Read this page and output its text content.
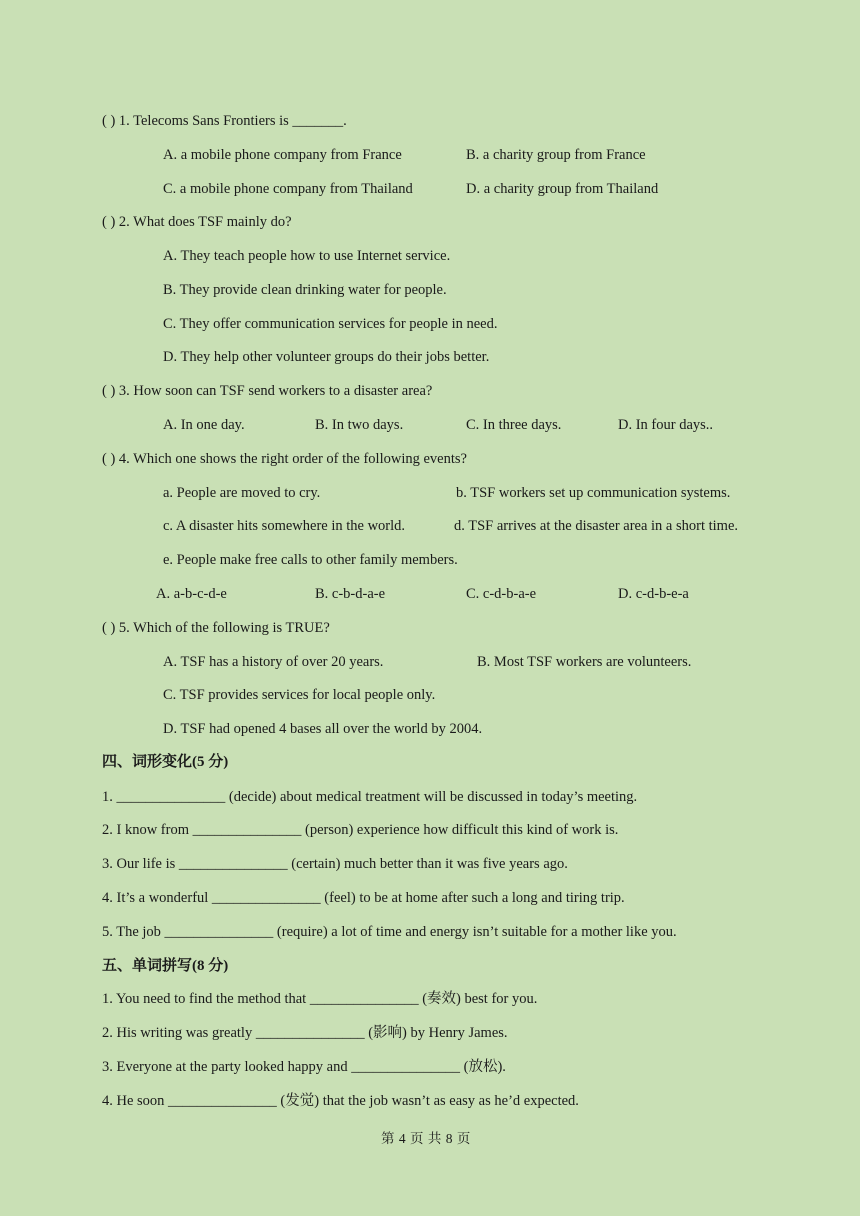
( ) 1. Telecoms Sans Frontiers is _______.
A. a mobile phone company from France	B. a charity group from France
C. a mobile phone company from Thailand	D. a charity group from Thailand
( ) 2. What does TSF mainly do?
A. They teach people how to use Internet service.
B. They provide clean drinking water for people.
C. They offer communication services for people in need.
D. They help other volunteer groups do their jobs better.
( ) 3. How soon can TSF send workers to a disaster area?
A. In one day.	B. In two days.	C. In three days.	D. In four days..
( ) 4. Which one shows the right order of the following events?
a. People are moved to cry.	b. TSF workers set up communication systems.
c. A disaster hits somewhere in the world.	d. TSF arrives at the disaster area in a short time.
e. People make free calls to other family members.
A. a-b-c-d-e	B. c-b-d-a-e	C. c-d-b-a-e	D. c-d-b-e-a
( ) 5. Which of the following is TRUE?
A. TSF has a history of over 20 years.	B. Most TSF workers are volunteers.
C. TSF provides services for local people only.
D. TSF had opened 4 bases all over the world by 2004.
四、词形变化(5 分)
1. _______________ (decide) about medical treatment will be discussed in today’s meeting.
2. I know from _______________ (person) experience how difficult this kind of work is.
3. Our life is _______________ (certain) much better than it was five years ago.
4. It’s a wonderful _______________ (feel) to be at home after such a long and tiring trip.
5. The job _______________ (require) a lot of time and energy isn’t suitable for a mother like you.
五、单词拼写(8 分)
1. You need to find the method that _______________ (奏效) best for you.
2. His writing was greatly _______________ (影响) by Henry James.
3. Everyone at the party looked happy and _______________ (放松).
4. He soon _______________ (发觉) that the job wasn’t as easy as he’d expected.
第 4 页 共 8 页
